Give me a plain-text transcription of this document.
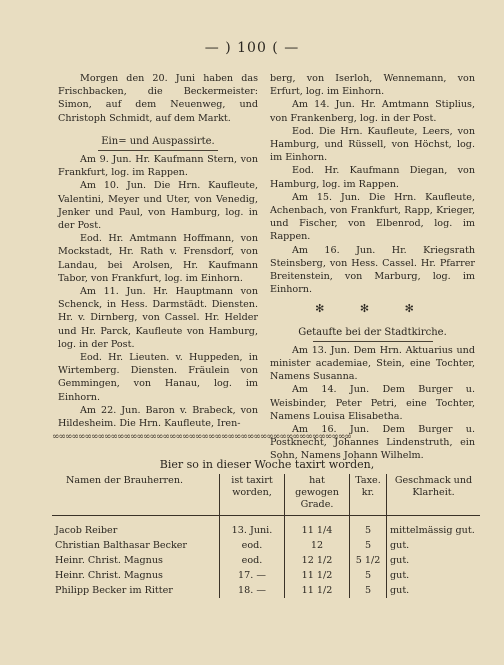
— ) 100 ( —

Morgen den 20. Juni haben das Frischbacken, die Beckermeister: Simon, auf dem Neuenweg, und Christoph Schmidt, auf dem Markt.

Ein= und Auspassirte.

Am 9. Jun. Hr. Kaufmann Stern, von Frankfurt, log. im Rappen.

Am 10. Jun. Die Hrn. Kaufleute, Valentini, Meyer und Uter, von Venedig, Jenker und Paul, von Hamburg, log. in der Post.

Eod. Hr. Amtmann Hoffmann, von Mockstadt, Hr. Rath v. Frensdorf, von Landau, bei Arolsen, Hr. Kaufmann Tabor, von Frankfurt, log. im Einhorn.

Am 11. Jun. Hr. Hauptmann von Schenck, in Hess. Darmstädt. Diensten. Hr. v. Dirnberg, von Cassel. Hr. Helder und Hr. Parck, Kaufleute von Hamburg, log. in der Post.

Eod. Hr. Lieuten. v. Huppeden, in Wirtemberg. Diensten. Fräulein von Gemmingen, von Hanau, log. im Einhorn.

Am 22. Jun. Baron v. Brabeck, von Hildesheim. Die Hrn. Kaufleute, Iren-

berg, von Iserloh, Wennemann, von Erfurt, log. im Einhorn.

Am 14. Jun. Hr. Amtmann Stiplius, von Frankenberg, log. in der Post.

Eod. Die Hrn. Kaufleute, Leers, von Hamburg, und Rüssell, von Höchst, log. im Einhorn.

Eod. Hr. Kaufmann Diegan, von Hamburg, log. im Rappen.

Am 15. Jun. Die Hrn. Kaufleute, Achenbach, von Frankfurt, Rapp, Krieger, und Fischer, von Elbenrod, log. im Rappen.

Am 16. Jun. Hr. Kriegsrath Steinsberg, von Hess. Cassel. Hr. Pfarrer Breitenstein, von Marburg, log. im Einhorn.

✻ ✻ ✻

Getaufte bei der Stadtkirche.

Am 13. Jun. Dem Hrn. Aktuarius und minister academiae, Stein, eine Tochter, Namens Susanna.

Am 14. Jun. Dem Burger u. Weisbinder, Peter Petri, eine Tochter, Namens Louisa Elisabetha.

Am 16. Jun. Dem Burger u. Postknecht, Johannes Lindenstruth, ein Sohn, Namens Johann Wilhelm.

∞∞∞∞∞∞∞∞∞∞∞∞∞∞∞∞∞∞∞∞∞∞∞∞∞∞∞∞∞∞∞∞∞∞∞∞∞∞∞∞∞∞∞∞∞∞
Bier so in dieser Woche taxirt worden,
Namen der Brauherren.	ist taxirt worden,	hat gewogen Grade.	Taxe. kr.	Geschmack und Klarheit.
Jacob Reiber	13. Juni.	11 1/4	5	mittelmässig gut.
Christian Balthasar Becker	eod.	12	5	gut.
Heinr. Christ. Magnus	eod.	12 1/2	5 1/2	gut.
Heinr. Christ. Magnus	17. —	11 1/2	5	gut.
Philipp Becker im Ritter	18. —	11 1/2	5	gut.
